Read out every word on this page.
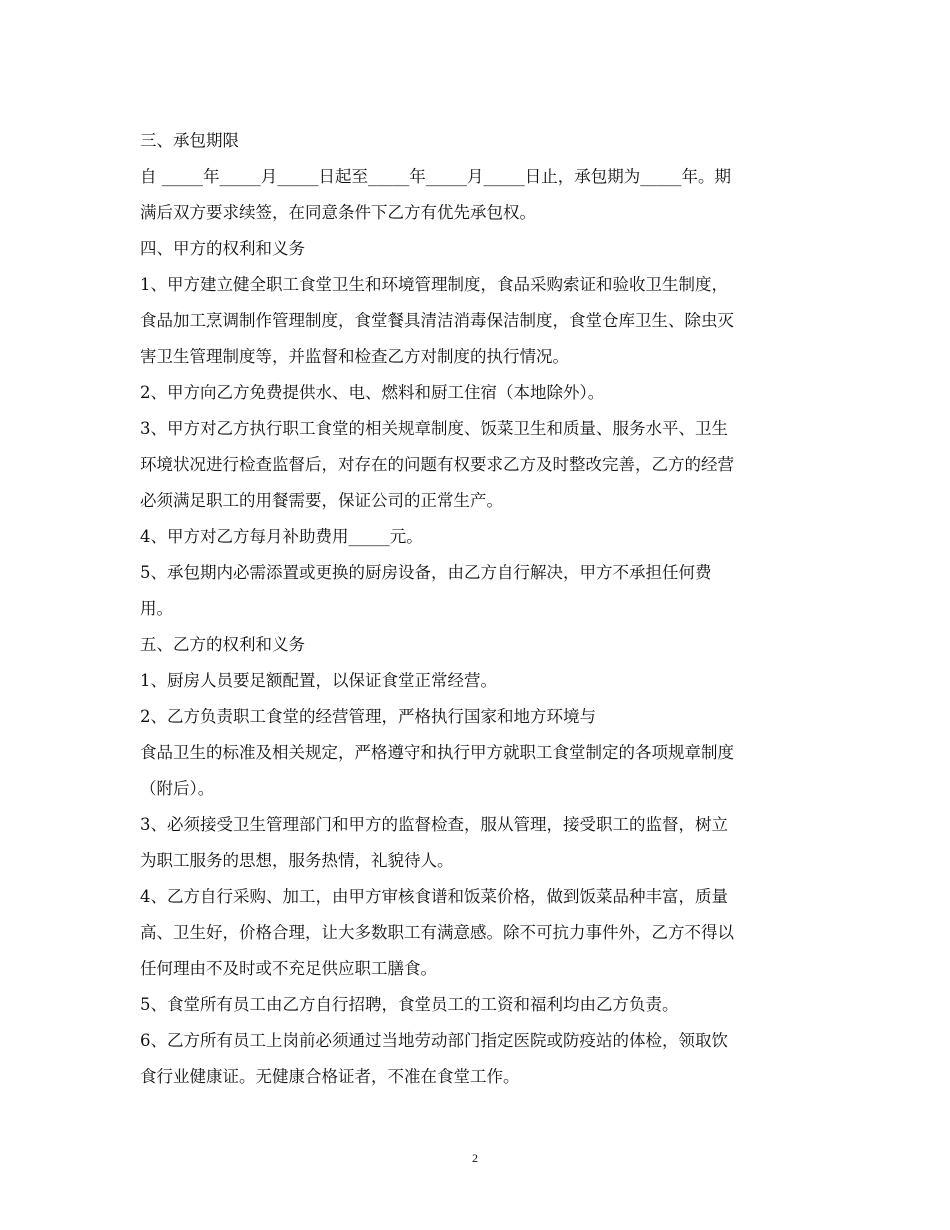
三、承包期限

自 _____年_____月_____日起至_____年_____月_____日止，承包期为_____年。期

满后双方要求续签，在同意条件下乙方有优先承包权。

四、甲方的权利和义务

1、甲方建立健全职工食堂卫生和环境管理制度，食品采购索证和验收卫生制度，

食品加工烹调制作管理制度，食堂餐具清洁消毒保洁制度，食堂仓库卫生、除虫灭

害卫生管理制度等，并监督和检查乙方对制度的执行情况。

2、甲方向乙方免费提供水、电、燃料和厨工住宿（本地除外）。

3、甲方对乙方执行职工食堂的相关规章制度、饭菜卫生和质量、服务水平、卫生

环境状况进行检查监督后，对存在的问题有权要求乙方及时整改完善，乙方的经营

必须满足职工的用餐需要，保证公司的正常生产。

4、甲方对乙方每月补助费用_____元。

5、承包期内必需添置或更换的厨房设备，由乙方自行解决，甲方不承担任何费

用。

五、乙方的权利和义务

1、厨房人员要足额配置，以保证食堂正常经营。

2、乙方负责职工食堂的经营管理，严格执行国家和地方环境与

食品卫生的标准及相关规定，严格遵守和执行甲方就职工食堂制定的各项规章制度

（附后）。

3、必须接受卫生管理部门和甲方的监督检查，服从管理，接受职工的监督，树立

为职工服务的思想，服务热情，礼貌待人。

4、乙方自行采购、加工，由甲方审核食谱和饭菜价格，做到饭菜品种丰富，质量

高、卫生好，价格合理，让大多数职工有满意感。除不可抗力事件外，乙方不得以

任何理由不及时或不充足供应职工膳食。

5、食堂所有员工由乙方自行招聘，食堂员工的工资和福利均由乙方负责。

6、乙方所有员工上岗前必须通过当地劳动部门指定医院或防疫站的体检，领取饮

食行业健康证。无健康合格证者，不准在食堂工作。

2
